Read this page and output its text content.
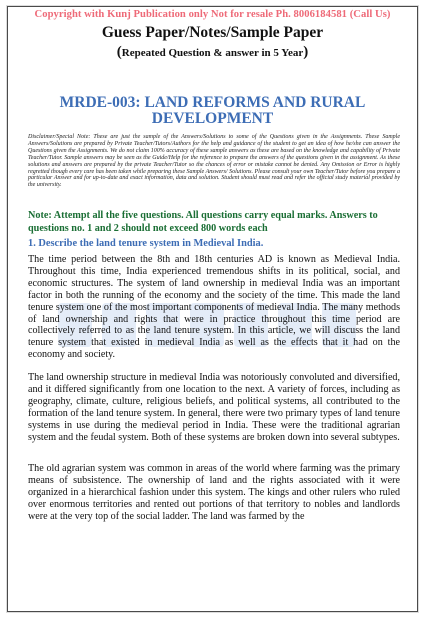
Copyright with Kunj Publication only Not for resale Ph. 8006184581 (Call Us)
Guess Paper/Notes/Sample Paper
(Repeated Question & answer in 5 Year)
MRDE-003: LAND REFORMS AND RURAL DEVELOPMENT
Disclaimer/Special Note: These are just the sample of the Answers/Solutions to some of the Questions given in the Assignments. These Sample Answers/Solutions are prepared by Private Teacher/Tutors/Authors for the help and guidance of the student to get an idea of how he/she can answer the Questions given the Assignments. We do not claim 100% accuracy of these sample answers as these are based on the knowledge and capability of Private Teacher/Tutor. Sample answers may be seen as the Guide/Help for the reference to prepare the answers of the questions given in the assignment. As these solutions and answers are prepared by the private Teacher/Tutor so the chances of error or mistake cannot be denied. Any Omission or Error is highly regretted though every care has been taken while preparing these Sample Answers/ Solutions. Please consult your own Teacher/Tutor before you prepare a particular Answer and for up-to-date and exact information, data and solution. Student should must read and refer the official study material provided by the university.
Note: Attempt all the five questions. All questions carry equal marks. Answers to questions no. 1 and 2 should not exceed 800 words each
1. Describe the land tenure system in Medieval India.

The time period between the 8th and 18th centuries AD is known as Medieval India. Throughout this time, India experienced tremendous shifts in its political, social, and economic structures. The system of land ownership in medieval India was an important factor in both the running of the economy and the society of the time. This made the land tenure system one of the most important components of medieval India. The many methods of land ownership and rights that were in practice throughout this time period are collectively referred to as the land tenure system. In this article, we will discuss the land tenure system that existed in medieval India as well as the effects that it had on the economy and society.

The land ownership structure in medieval India was notoriously convoluted and diversified, and it differed significantly from one location to the next. A variety of forces, including as geography, climate, culture, religious beliefs, and political systems, all contributed to the formation of the land tenure system. In general, there were two primary types of land tenure systems in use during the medieval period in India. These were the traditional agrarian system and the feudal system. Both of these systems are broken down into several subtypes.

The old agrarian system was common in areas of the world where farming was the primary means of subsistence. The ownership of land and the rights associated with it were organized in a hierarchical fashion under this system. The kings and other rulers who ruled over enormous territories and rented out portions of that territory to nobles and landlords were at the very top of the social ladder. The land was farmed by the
